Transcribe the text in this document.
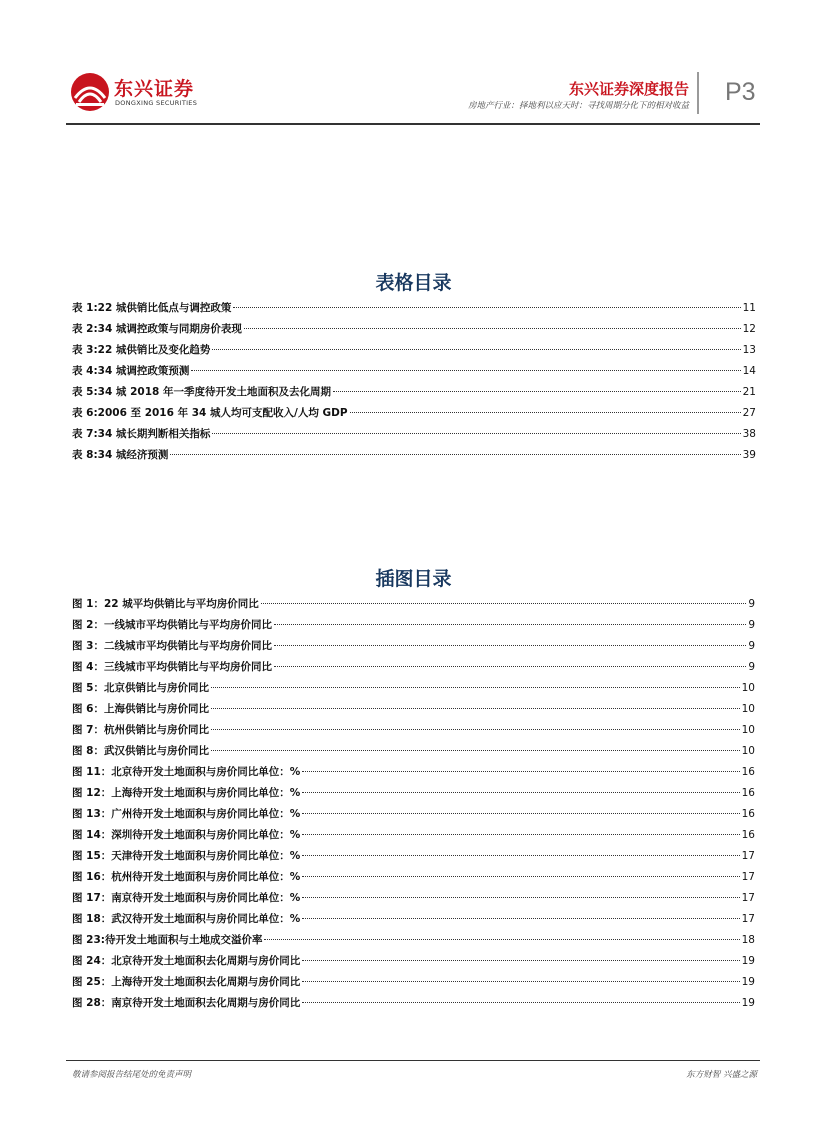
东兴证券
DONGXING SECURITIES
东兴证券深度报告
房地产行业：择地利以应天时：寻找周期分化下的相对收益 P3
表格目录
表 1:22 城供销比低点与调控政策	11
表 2:34 城调控政策与同期房价表现	12
表 3:22 城供销比及变化趋势	13
表 4:34 城调控政策预测	14
表 5:34 城 2018 年一季度待开发土地面积及去化周期	21
表 6:2006 至 2016 年 34 城人均可支配收入/人均 GDP	27
表 7:34 城长期判断相关指标	38
表 8:34 城经济预测	39
插图目录
图 1：22 城平均供销比与平均房价同比	9
图 2：一线城市平均供销比与平均房价同比	9
图 3：二线城市平均供销比与平均房价同比	9
图 4：三线城市平均供销比与平均房价同比	9
图 5：北京供销比与房价同比	10
图 6：上海供销比与房价同比	10
图 7：杭州供销比与房价同比	10
图 8：武汉供销比与房价同比	10
图 11：北京待开发土地面积与房价同比单位：%	16
图 12：上海待开发土地面积与房价同比单位：%	16
图 13：广州待开发土地面积与房价同比单位：%	16
图 14：深圳待开发土地面积与房价同比单位：%	16
图 15：天津待开发土地面积与房价同比单位：%	17
图 16：杭州待开发土地面积与房价同比单位：%	17
图 17：南京待开发土地面积与房价同比单位：%	17
图 18：武汉待开发土地面积与房价同比单位：%	17
图 23:待开发土地面积与土地成交溢价率	18
图 24：北京待开发土地面积去化周期与房价同比	19
图 25：上海待开发土地面积去化周期与房价同比	19
图 28：南京待开发土地面积去化周期与房价同比	19
敬请参阅报告结尾处的免责声明	东方财智 兴盛之源
